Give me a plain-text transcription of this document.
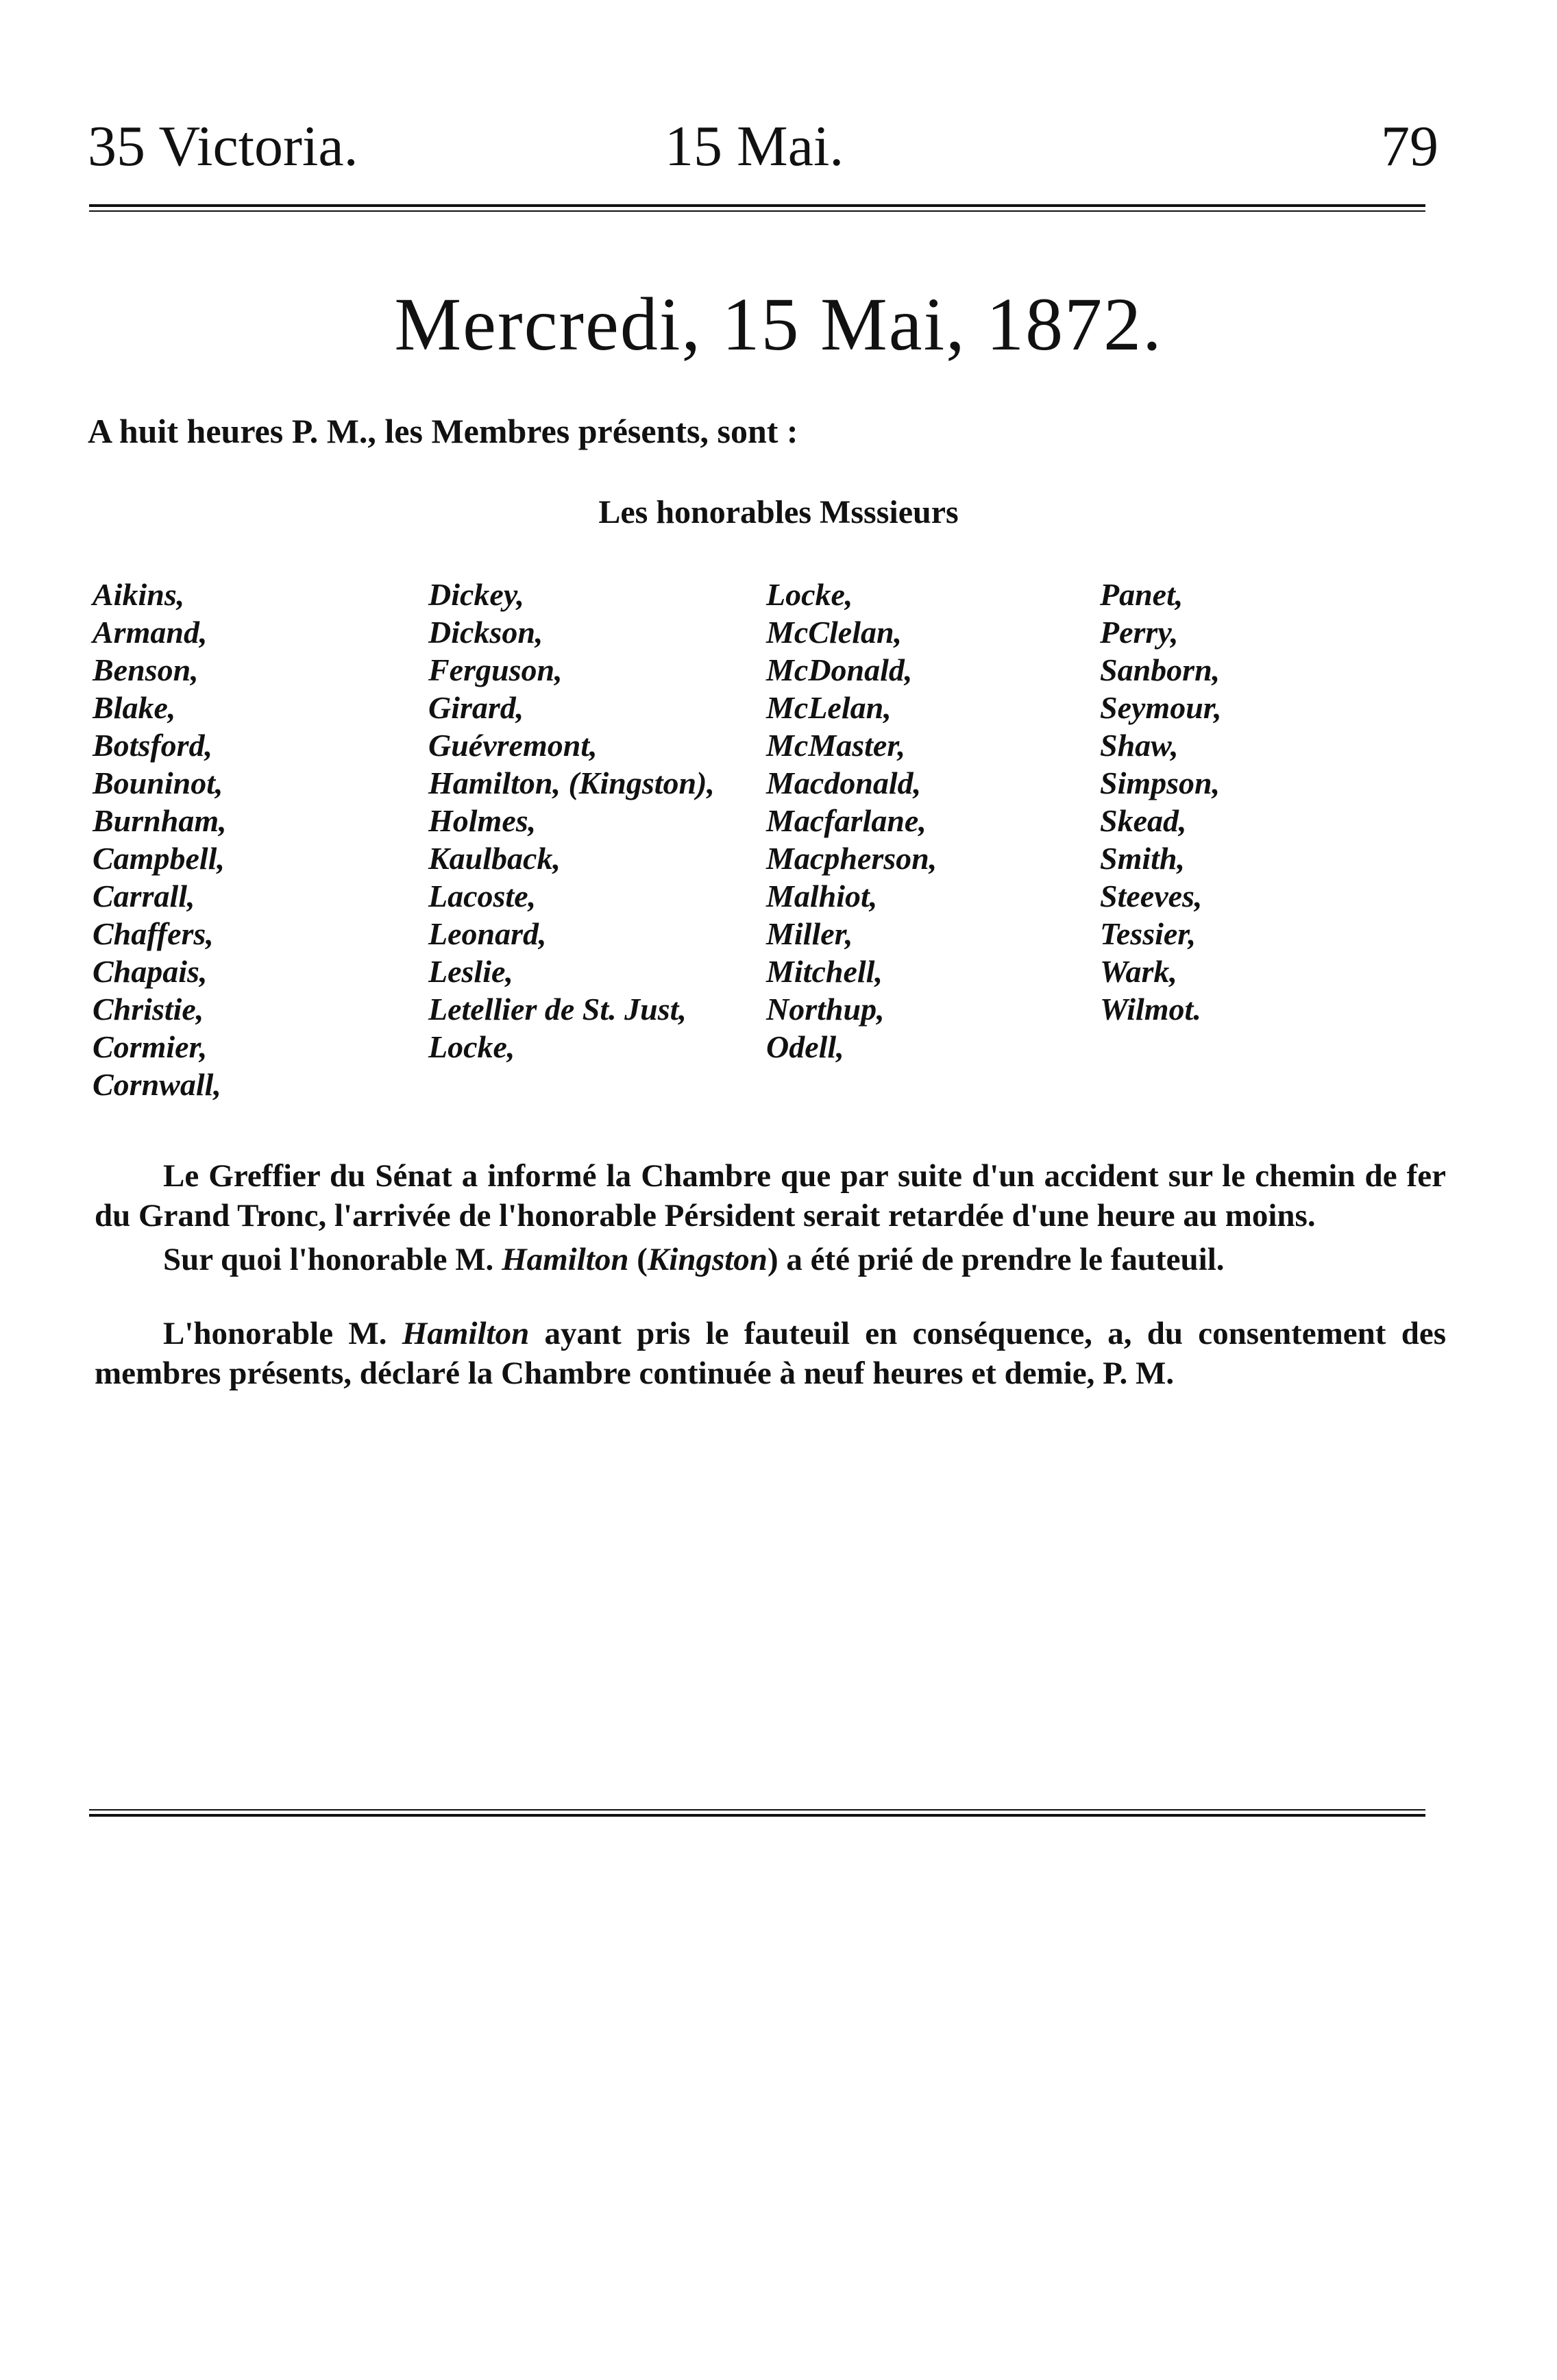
35 Victoria.	15 Mai.	79
Mercredi, 15 Mai, 1872.
A huit heures P. M., les Membres présents, sont :
Les honorables Msssieurs
Aikins,
Armand,
Benson,
Blake,
Botsford,
Bouninot,
Burnham,
Campbell,
Carrall,
Chaffers,
Chapais,
Christie,
Cormier,
Cornwall,
Dickey,
Dickson,
Ferguson,
Girard,
Guévremont,
Hamilton, (Kingston),
Holmes,
Kaulback,
Lacoste,
Leonard,
Leslie,
Letellier de St. Just,
Locke,
Locke,
McClelan,
McDonald,
McLelan,
McMaster,
Macdonald,
Macfarlane,
Macpherson,
Malhiot,
Miller,
Mitchell,
Northup,
Odell,
Panet,
Perry,
Sanborn,
Seymour,
Shaw,
Simpson,
Skead,
Smith,
Steeves,
Tessier,
Wark,
Wilmot.

Le Greffier du Sénat a informé la Chambre que par suite d'un accident sur le chemin de fer du Grand Tronc, l'arrivée de l'honorable Pérsident serait retardée d'une heure au moins.

Sur quoi l'honorable M. Hamilton (Kingston) a été prié de prendre le fauteuil.

L'honorable M. Hamilton ayant pris le fauteuil en conséquence, a, du consentement des membres présents, déclaré la Chambre continuée à neuf heures et demie, P. M.
